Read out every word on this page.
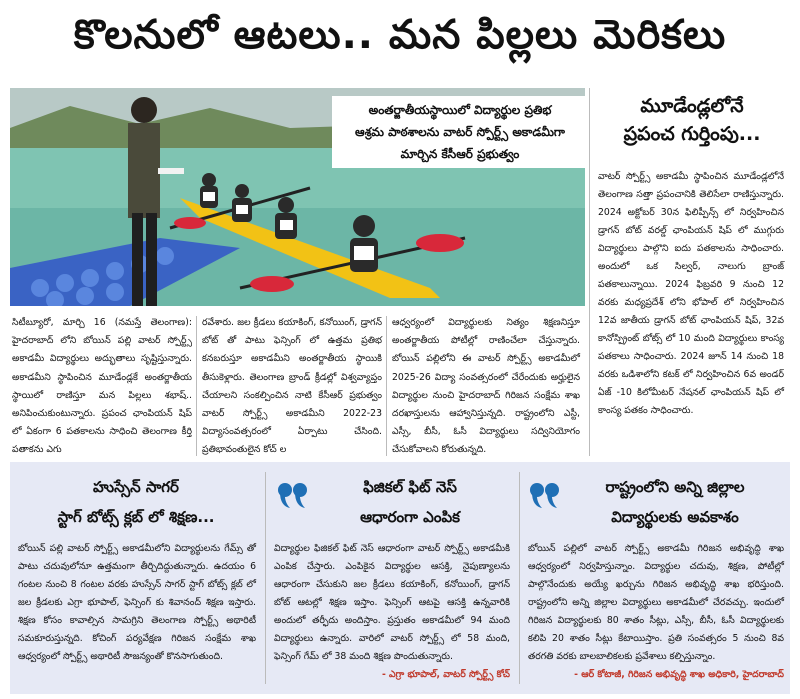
కొలనులో ఆటలు.. మన పిల్లలు మెరికలు
అంతర్జాతీయస్థాయిలో విద్యార్థుల ప్రతిభ
ఆశ్రమ పాఠశాలను వాటర్ స్పోర్ట్స్ అకాడమీగా
మార్చిన కేసీఆర్ ప్రభుత్వం
మూడేండ్లలోనే
ప్రపంచ గుర్తింపు...
వాటర్ స్పోర్ట్స్ అకాడమీ స్థాపించిన మూడేండ్లలోనే తెలంగాణ సత్తా ప్రపంచానికి తెలిసేలా రాణిస్తున్నారు. 2024 అక్టోబర్ 30న ఫిలిప్పీన్స్ లో నిర్వహించిన డ్రాగన్ బోట్ వరల్డ్ ఛాంపియన్ షిప్ లో ముగ్గురు విద్యార్థులు పాల్గొని ఐదు పతకాలను సాధించారు. అందులో ఒక సిల్వర్, నాలుగు బ్రాంజ్ పతకాలున్నాయి. 2024 ఫిబ్రవరి 9 నుంచి 12 వరకు మధ్యప్రదేశ్ లోని భోపాల్ లో నిర్వహించిన 12వ జాతీయ డ్రాగన్ బోట్ ఛాంపియన్ షిప్, 32వ కానోస్ప్రింట్ బోట్స్ లో 10 మంది విద్యార్థులు కాంస్య పతకాలు సాధించారు. 2024 జూన్ 14 నుంచి 18 వరకు ఒడిశాలోని కటక్ లో నిర్వహించిన 6వ అండర్ ఏజ్ -10 కిలోమీటర్ నేషనల్ ఛాంపియన్ షిప్ లో కాంస్య పతకం సాధించారు.
సిటీబ్యూరో, మార్చి 16 (నమస్తే తెలంగాణ): హైదరాబాద్ లోని బోయిన్ పల్లి వాటర్ స్పోర్ట్స్ అకాడమీ విద్యార్థులు అద్భుతాలు సృష్టిస్తున్నారు. అకాడమీని స్థాపించిన మూడేండ్లకే అంతర్జాతీయ స్థాయిలో రాణిస్తూ మన పిల్లలు శభాష్.. అనిపించుకుంటున్నారు. ప్రపంచ ఛాంపియన్ షిప్ లో ఏకంగా 6 పతకాలను సాధించి తెలంగాణ కీర్తి పతాకను ఎగు
రవేశారు. జల క్రీడలు కయాకింగ్, కనోయింగ్, డ్రాగన్ బోట్ తో పాటు ఫెన్సింగ్ లో ఉత్తమ ప్రతిభ కనబరుస్తూ అకాడమీని అంతర్జాతీయ స్థాయికి తీసుకెళ్లారు. తెలంగాణ బ్రాండ్ క్రీడల్లో విశ్వవ్యాప్తం చేయాలని సంకల్పించిన నాటి కేసీఆర్ ప్రభుత్వం వాటర్ స్పోర్ట్స్ అకాడమీని 2022-23 విద్యాసంవత్సరంలో ఏర్పాటు చేసింది. ప్రతిభావంతులైన కోచ్ ల
ఆధ్వర్యంలో విద్యార్థులకు నిత్యం శిక్షణనిస్తూ అంతర్జాతీయ పోటీల్లో రాణించేలా చేస్తున్నారు. బోయిన్ పల్లిలోని ఈ వాటర్ స్పోర్ట్స్ అకాడమీలో 2025-26 విద్యా సంవత్సరంలో చేరేందుకు అర్హులైన విద్యార్థుల నుంచి హైదరాబాద్ గిరిజన సంక్షేమ శాఖ దరఖాస్తులను ఆహ్వానిస్తున్నది. రాష్ట్రంలోని ఎస్టీ, ఎస్సీ, బీసీ, ఓసీ విద్యార్థులు సద్వినియోగం చేసుకోవాలని కోరుతున్నది.
హుస్సేన్ సాగర్
స్టాగ్ బోట్స్ క్లబ్ లో శిక్షణ...
బోయిన్ పల్లి వాటర్ స్పోర్ట్స్ అకాడమీలోని విద్యార్థులను గేమ్స్ తో పాటు చదువులోనూ ఉత్తమంగా తీర్చిదిద్దుతున్నారు. ఉదయం 6 గంటల నుంచి 8 గంటల వరకు హుస్సేన్ సాగర్ స్టాగ్ బోట్స్ క్లబ్ లో జల క్రీడలకు ఎగ్రా భూపాల్, ఫెన్సింగ్ కు శివానంద్ శిక్షణ ఇస్తారు. శిక్షణ కోసం కావాల్సిన సామగ్రిని తెలంగాణ స్పోర్ట్స్ అథారిటీ సమకూరుస్తున్నది. కోచింగ్ పర్యవేక్షణ గిరిజన సంక్షేమ శాఖ ఆధ్వర్యంలో స్పోర్ట్స్ అథారిటీ సౌజన్యంతో కొనసాగుతుంది.
ఫిజికల్ ఫిట్ నెస్
ఆధారంగా ఎంపిక
విద్యార్థుల ఫిజికల్ ఫిట్ నెస్ ఆధారంగా వాటర్ స్పోర్ట్స్ అకాడమీకి ఎంపిక చేస్తారు. ఎంపికైన విద్యార్థుల ఆసక్తి, నైపుణ్యాలను ఆధారంగా చేసుకుని జల క్రీడలు కయాకింగ్, కనోయింగ్, డ్రాగన్ బోట్ ఆటల్లో శిక్షణ ఇస్తాం. ఫెన్సింగ్ ఆటపై ఆసక్తి ఉన్నవారికి అందులో తర్ఫీదు అందిస్తాం. ప్రస్తుతం అకాడమీలో 94 మంది విద్యార్థులు ఉన్నారు. వారిలో వాటర్ స్పోర్ట్స్ లో 58 మంది, ఫెన్సింగ్ గేమ్ లో 38 మంది శిక్షణ పొందుతున్నారు.
- ఎగ్రా భూపాల్, వాటర్ స్పోర్ట్స్ కోచ్
రాష్ట్రంలోని అన్ని జిల్లాల
విద్యార్థులకు అవకాశం
బోయిన్ పల్లిలో వాటర్ స్పోర్ట్స్ అకాడమీ గిరిజన అభివృద్ధి శాఖ ఆధ్వర్యంలో నిర్వహిస్తున్నాం. విద్యార్థుల చదువు, శిక్షణ, పోటీల్లో పాల్గొనేందుకు అయ్యే ఖర్చును గిరిజన అభివృద్ధి శాఖ భరిస్తుంది. రాష్ట్రంలోని అన్ని జిల్లాల విద్యార్థులు అకాడమీలో చేరవచ్చు. ఇందులో గిరిజన విద్యార్థులకు 80 శాతం సీట్లు, ఎస్సీ, బీసీ, ఓసీ విద్యార్థులకు కలిపి 20 శాతం సీట్లు కేటాయిస్తాం. ప్రతి సంవత్సరం 5 నుంచి 8వ తరగతి వరకు బాలబాలికలకు ప్రవేశాలు కల్పిస్తున్నాం.
- ఆర్ కోటాజీ, గిరిజన అభివృద్ధి శాఖ అధికారి, హైదరాబాద్
